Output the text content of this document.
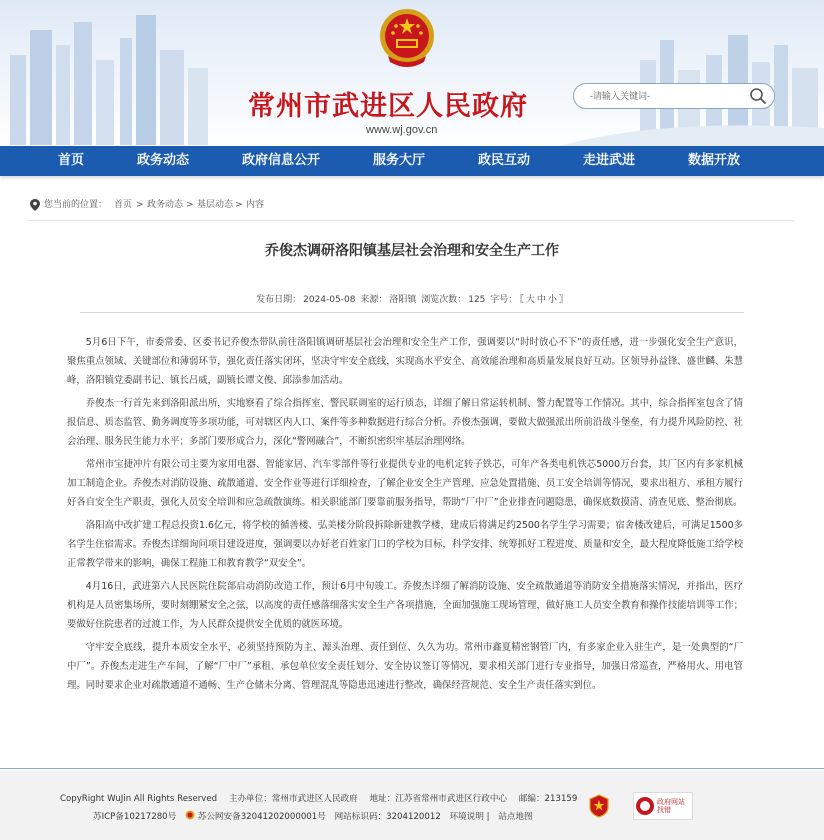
常州市武进区人民政府
www.wj.gov.cn
-请输入关键词-
首页	政务动态	政府信息公开	服务大厅	政民互动	走进武进	数据开放
您当前的位置： 首页 > 政务动态 > 基层动态 > 内容
乔俊杰调研洛阳镇基层社会治理和安全生产工作
发布日期： 2024-05-08 来源： 洛阳镇 浏览次数： 125 字号： 〖 大 中 小 〗

5月6日下午，市委常委、区委书记乔俊杰带队前往洛阳镇调研基层社会治理和安全生产工作，强调要以“时时放心不下”的责任感，进一步强化安全生产意识，聚焦重点领域、关键部位和薄弱环节，强化责任落实闭环，坚决守牢安全底线，实现高水平安全、高效能治理和高质量发展良好互动。区领导孙益锋、盛世麟、朱慧峰，洛阳镇党委副书记、镇长吕威，副镇长谭文俊、邱添参加活动。

乔俊杰一行首先来到洛阳派出所，实地察看了综合指挥室、警民联调室的运行质态，详细了解日常运转机制、警力配置等工作情况。其中，综合指挥室包含了情报信息、质态监管、勤务调度等多项功能，可对辖区内人口、案件等多种数据进行综合分析。乔俊杰强调，要做大做强派出所前沿战斗堡垒，有力提升风险防控、社会治理、服务民生能力水平；多部门要形成合力，深化“警网融合”，不断织密织牢基层治理网络。

常州市宝捷冲片有限公司主要为家用电器、智能家居、汽车零部件等行业提供专业的电机定转子铁芯，可年产各类电机铁芯5000万台套，其厂区内有多家机械加工制造企业。乔俊杰对消防设施、疏散通道、安全作业等进行详细检查，了解企业安全生产管理、应急处置措施、员工安全培训等情况，要求出租方、承租方履行好各自安全生产职责，强化人员安全培训和应急疏散演练。相关职能部门要靠前服务指导，帮助“厂中厂”企业排查问题隐患，确保底数摸清、清查见底、整治彻底。

洛阳高中改扩建工程总投资1.6亿元，将学校的循善楼、弘美楼分阶段拆除新建教学楼，建成后将满足约2500名学生学习需要；宿舍楼改建后，可满足1500多名学生住宿需求。乔俊杰详细询问项目建设进度，强调要以办好老百姓家门口的学校为目标，科学安排、统筹抓好工程进度、质量和安全，最大程度降低施工给学校正常教学带来的影响，确保工程施工和教育教学“双安全”。

4月16日，武进第六人民医院住院部启动消防改造工作，预计6月中旬竣工。乔俊杰详细了解消防设施、安全疏散通道等消防安全措施落实情况，并指出，医疗机构是人员密集场所，要时刻绷紧安全之弦，以高度的责任感落细落实安全生产各项措施，全面加强施工现场管理，做好施工人员安全教育和操作技能培训等工作；要做好住院患者的过渡工作，为人民群众提供安全优质的就医环境。

守牢安全底线，提升本质安全水平，必须坚持预防为主、源头治理、责任到位、久久为功。常州市鑫夏精密钢管厂内，有多家企业入驻生产，是一处典型的“厂中厂”。乔俊杰走进生产车间，了解“厂中厂”承租、承包单位安全责任划分、安全协议签订等情况，要求相关部门进行专业指导，加强日常巡查，严格用火、用电管理。同时要求企业对疏散通道不通畅、生产仓储未分离、管理混乱等隐患迅速进行整改，确保经营规范、安全生产责任落实到位。

CopyRight WuJin All Rights Reserved 主办单位：常州市武进区人民政府 地址：江苏省常州市武进区行政中心 邮编：213159
苏ICP备10217280号 苏公网安备32041202000001号 网站标识码：3204120012 环境说明 | 站点地图
政府网站找错
